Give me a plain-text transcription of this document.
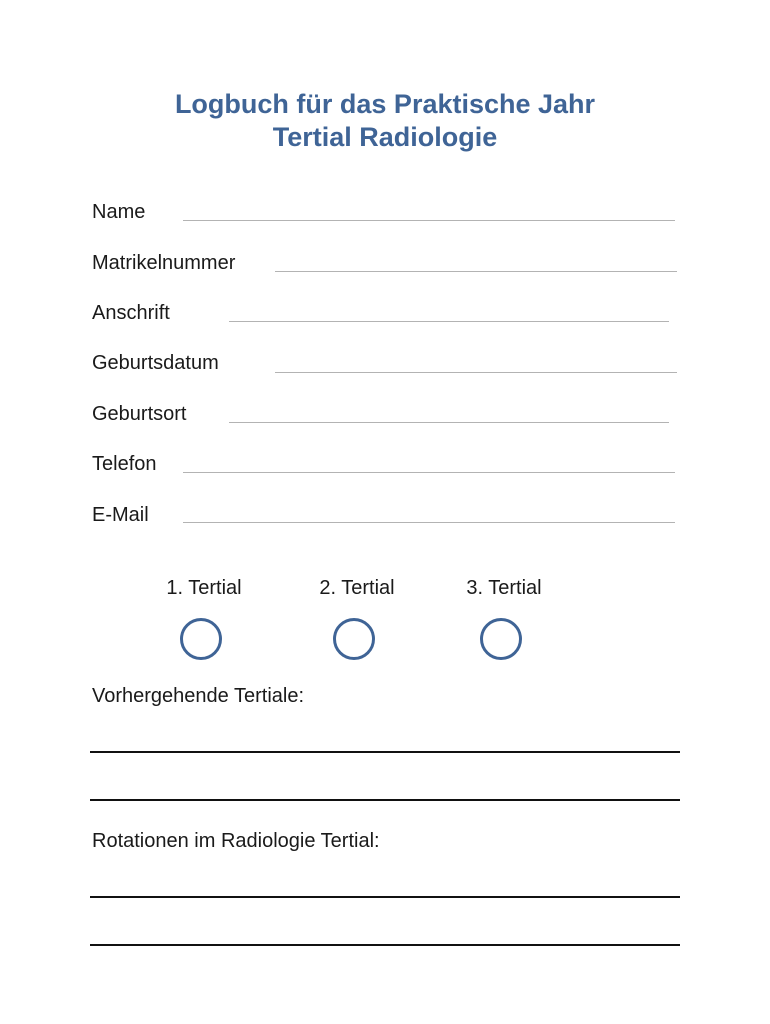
Logbuch für das Praktische Jahr
Tertial Radiologie
Name
Matrikelnummer
Anschrift
Geburtsdatum
Geburtsort
Telefon
E-Mail
1. Tertial	2. Tertial	3. Tertial
Vorhergehende Tertiale:
Rotationen im Radiologie Tertial:
